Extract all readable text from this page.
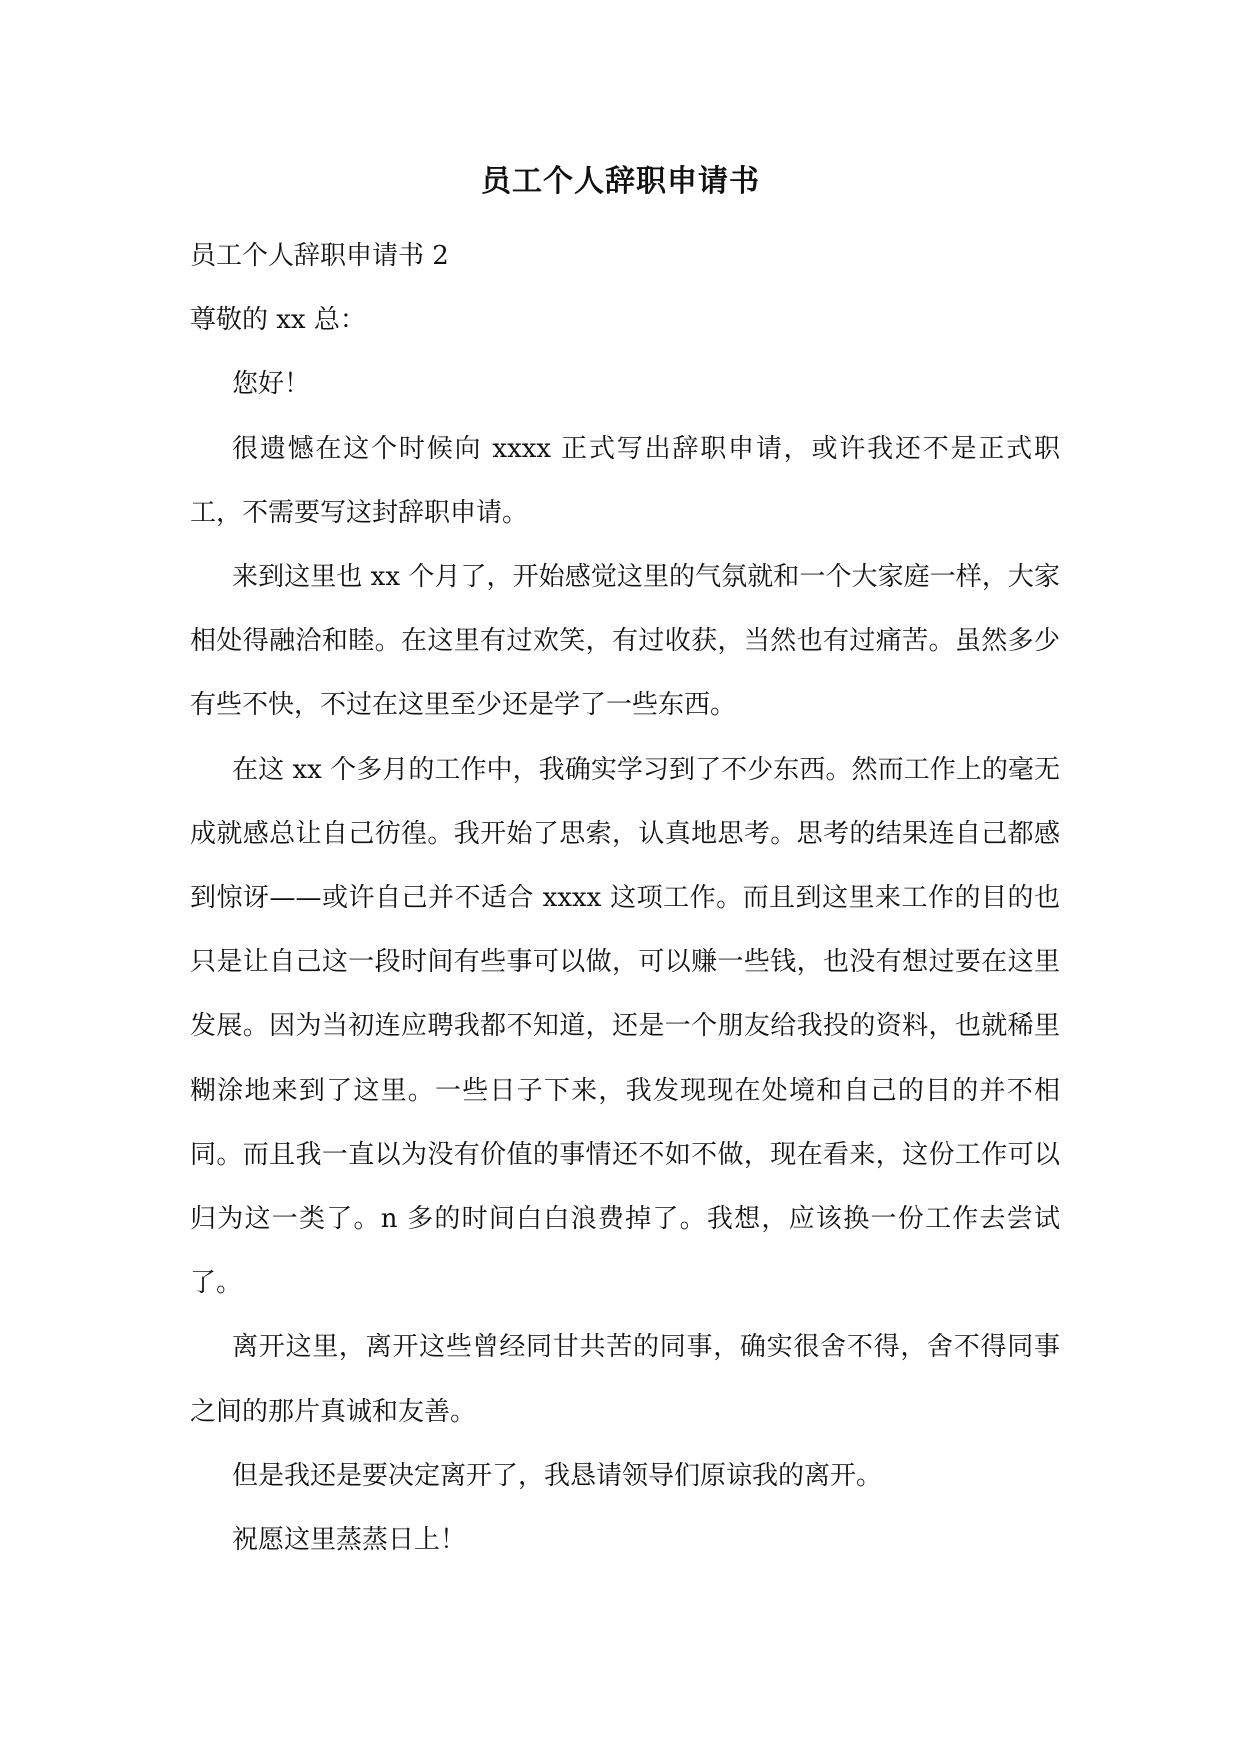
员工个人辞职申请书

员工个人辞职申请书 2

尊敬的 xx 总：

您好！

很遗憾在这个时候向 xxxx 正式写出辞职申请，或许我还不是正式职工，不需要写这封辞职申请。

来到这里也 xx 个月了，开始感觉这里的气氛就和一个大家庭一样，大家相处得融洽和睦。在这里有过欢笑，有过收获，当然也有过痛苦。虽然多少有些不快，不过在这里至少还是学了一些东西。

在这 xx 个多月的工作中，我确实学习到了不少东西。然而工作上的毫无成就感总让自己彷徨。我开始了思索，认真地思考。思考的结果连自己都感到惊讶——或许自己并不适合 xxxx 这项工作。而且到这里来工作的目的也只是让自己这一段时间有些事可以做，可以赚一些钱，也没有想过要在这里发展。因为当初连应聘我都不知道，还是一个朋友给我投的资料，也就稀里糊涂地来到了这里。一些日子下来，我发现现在处境和自己的目的并不相同。而且我一直以为没有价值的事情还不如不做，现在看来，这份工作可以归为这一类了。n 多的时间白白浪费掉了。我想，应该换一份工作去尝试了。

离开这里，离开这些曾经同甘共苦的同事，确实很舍不得，舍不得同事之间的那片真诚和友善。

但是我还是要决定离开了，我恳请领导们原谅我的离开。

祝愿这里蒸蒸日上！
